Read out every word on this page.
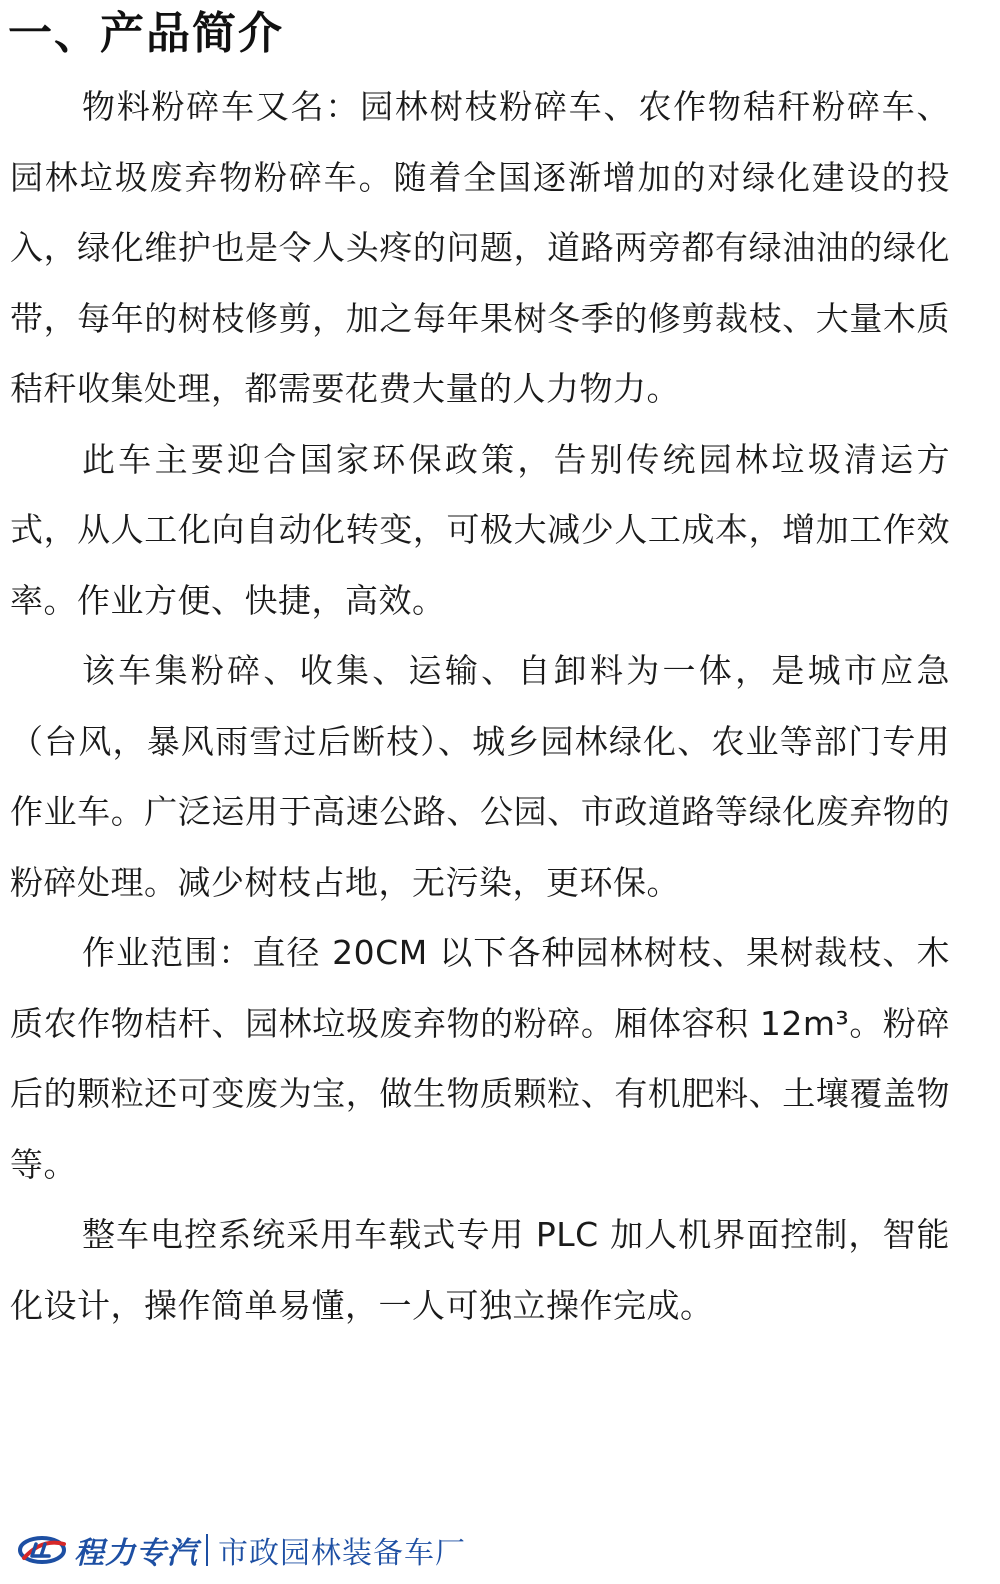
一、产品简介

物料粉碎车又名：园林树枝粉碎车、农作物秸秆粉碎车、园林垃圾废弃物粉碎车。随着全国逐渐增加的对绿化建设的投入，绿化维护也是令人头疼的问题，道路两旁都有绿油油的绿化带，每年的树枝修剪，加之每年果树冬季的修剪裁枝、大量木质秸秆收集处理，都需要花费大量的人力物力。

此车主要迎合国家环保政策，告别传统园林垃圾清运方式，从人工化向自动化转变，可极大减少人工成本，增加工作效率。作业方便、快捷，高效。

该车集粉碎、收集、运输、自卸料为一体，是城市应急（台风，暴风雨雪过后断枝）、城乡园林绿化、农业等部门专用作业车。广泛运用于高速公路、公园、市政道路等绿化废弃物的粉碎处理。减少树枝占地，无污染，更环保。

作业范围：直径 20CM 以下各种园林树枝、果树裁枝、木质农作物桔杆、园林垃圾废弃物的粉碎。厢体容积 12m³。粉碎后的颗粒还可变废为宝，做生物质颗粒、有机肥料、土壤覆盖物等。

整车电控系统采用车载式专用 PLC 加人机界面控制，智能化设计，操作简单易懂，一人可独立操作完成。

程力专汽 市政园林装备车厂
